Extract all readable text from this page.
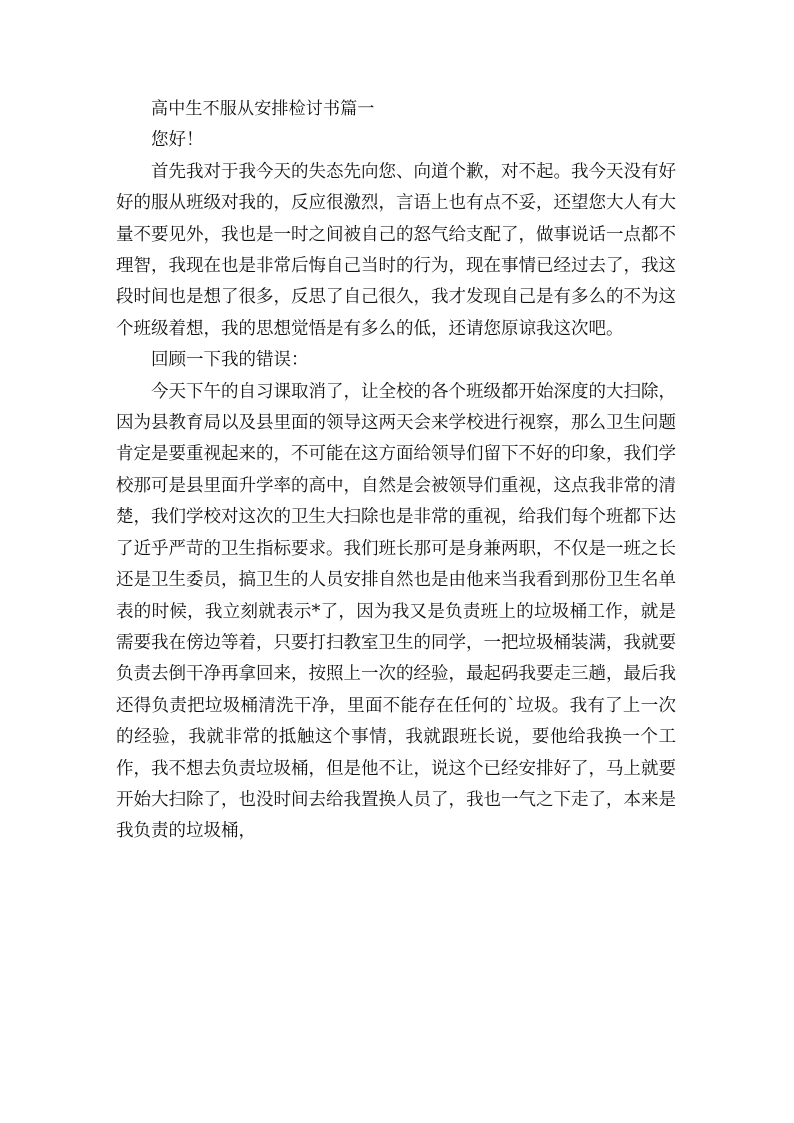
高中生不服从安排检讨书篇一

您好！

首先我对于我今天的失态先向您、向道个歉，对不起。我今天没有好好的服从班级对我的，反应很激烈，言语上也有点不妥，还望您大人有大量不要见外，我也是一时之间被自己的怒气给支配了，做事说话一点都不理智，我现在也是非常后悔自己当时的行为，现在事情已经过去了，我这段时间也是想了很多，反思了自己很久，我才发现自己是有多么的不为这个班级着想，我的思想觉悟是有多么的低，还请您原谅我这次吧。

回顾一下我的错误：

今天下午的自习课取消了，让全校的各个班级都开始深度的大扫除，因为县教育局以及县里面的领导这两天会来学校进行视察，那么卫生问题肯定是要重视起来的，不可能在这方面给领导们留下不好的印象，我们学校那可是县里面升学率的高中，自然是会被领导们重视，这点我非常的清楚，我们学校对这次的卫生大扫除也是非常的重视，给我们每个班都下达了近乎严苛的卫生指标要求。我们班长那可是身兼两职，不仅是一班之长还是卫生委员，搞卫生的人员安排自然也是由他来当我看到那份卫生名单表的时候，我立刻就表示*了，因为我又是负责班上的垃圾桶工作，就是需要我在傍边等着，只要打扫教室卫生的同学，一把垃圾桶装满，我就要负责去倒干净再拿回来，按照上一次的经验，最起码我要走三趟，最后我还得负责把垃圾桶清洗干净，里面不能存在任何的`垃圾。我有了上一次的经验，我就非常的抵触这个事情，我就跟班长说，要他给我换一个工作，我不想去负责垃圾桶，但是他不让，说这个已经安排好了，马上就要开始大扫除了，也没时间去给我置换人员了，我也一气之下走了，本来是我负责的垃圾桶，
